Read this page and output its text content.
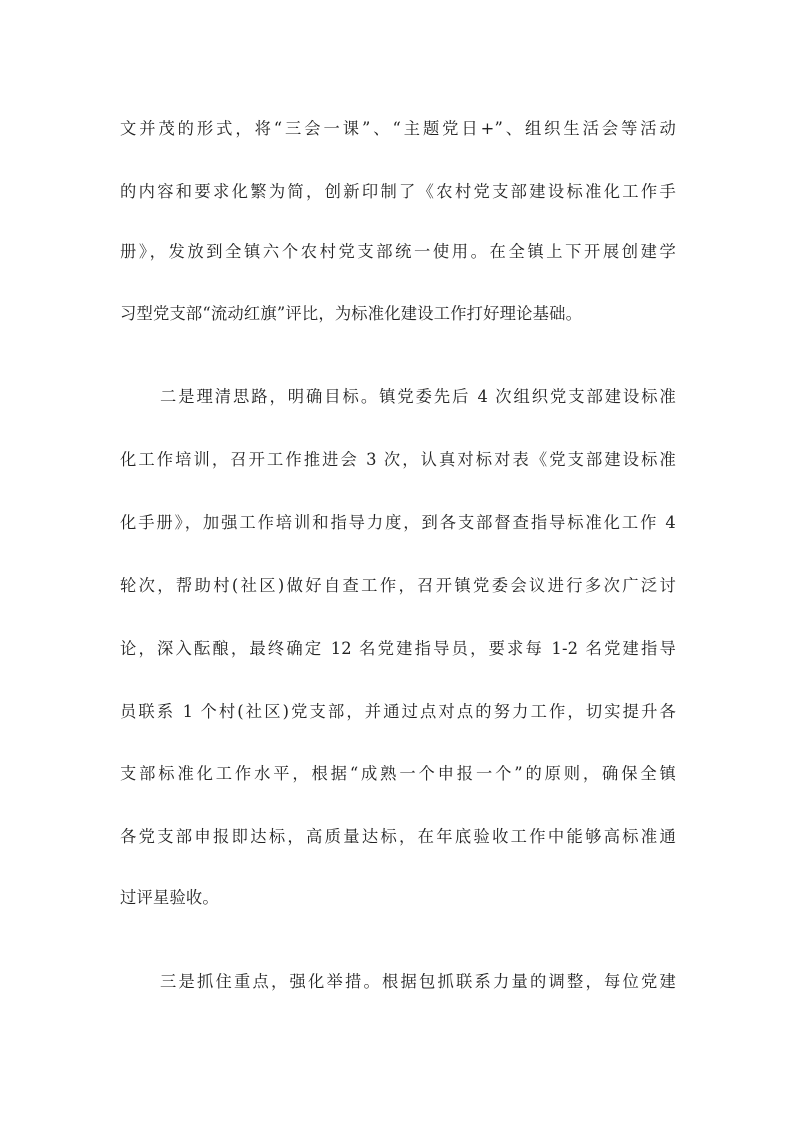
文并茂的形式，将“三会一课”、“主题党日+”、组织生活会等活动
的内容和要求化繁为简，创新印制了《农村党支部建设标准化工作手
册》，发放到全镇六个农村党支部统一使用。在全镇上下开展创建学
习型党支部“流动红旗”评比，为标准化建设工作打好理论基础。
二是理清思路，明确目标。镇党委先后 4 次组织党支部建设标准
化工作培训，召开工作推进会 3 次，认真对标对表《党支部建设标准
化手册》，加强工作培训和指导力度，到各支部督查指导标准化工作 4
轮次，帮助村(社区)做好自查工作，召开镇党委会议进行多次广泛讨
论，深入酝酿，最终确定 12 名党建指导员，要求每 1-2 名党建指导
员联系 1 个村(社区)党支部，并通过点对点的努力工作，切实提升各
支部标准化工作水平，根据“成熟一个申报一个”的原则，确保全镇
各党支部申报即达标，高质量达标，在年底验收工作中能够高标准通
过评星验收。
三是抓住重点，强化举措。根据包抓联系力量的调整，每位党建
